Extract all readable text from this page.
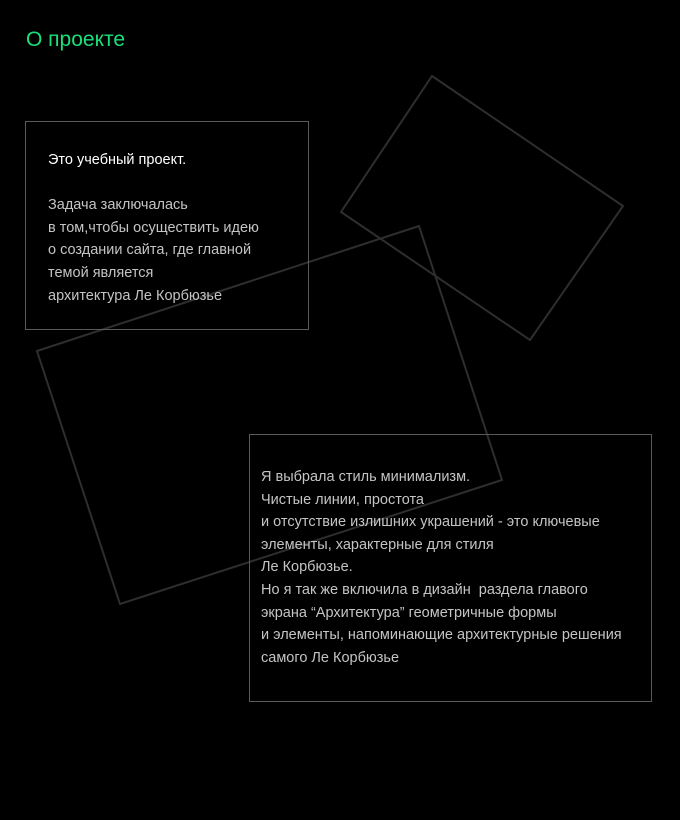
О проекте
Это учебный проект.
Задача заключалась
в том,чтобы осуществить идею
о создании сайта, где главной
темой является
архитектура Ле Корбюзье
Я выбрала стиль минимализм.
Чистые линии, простота
и отсутствие излишних украшений - это ключевые
элементы, характерные для стиля
Ле Корбюзье.
Но я так же включила в дизайн  раздела главого
экрана “Архитектура” геометричные формы
и элементы, напоминающие архитектурные решения
самого Ле Корбюзье
